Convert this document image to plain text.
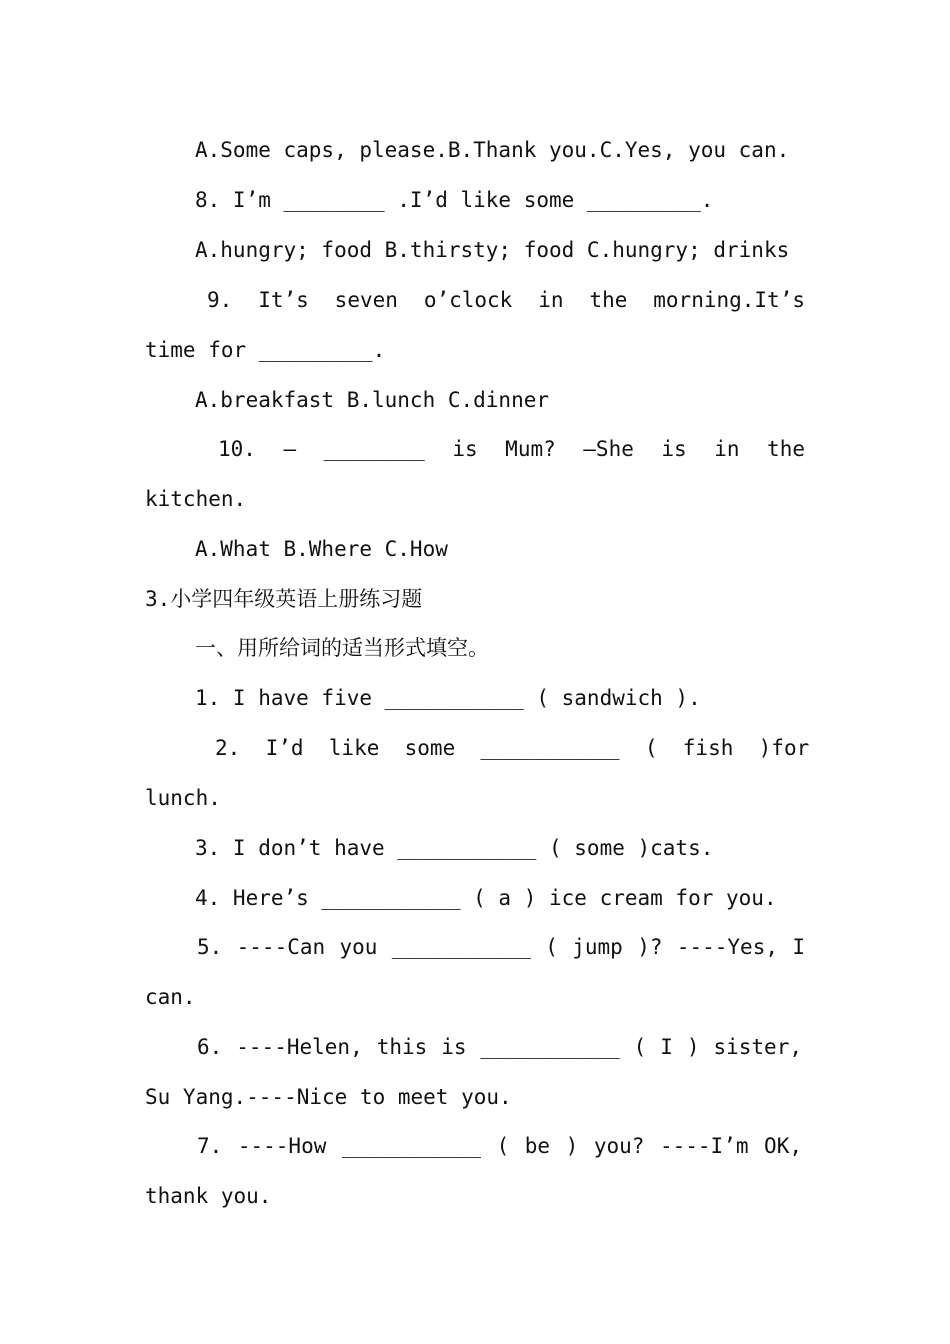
A.Some caps, please.B.Thank you.C.Yes, you can.
8. I’m ________ .I’d like some _________.
A.hungry; food B.thirsty; food C.hungry; drinks
9.  It’s  seven  o’clock  in  the  morning.It’s
time for _________.
A.breakfast B.lunch C.dinner
10.  —  ________  is  Mum?  —She  is  in  the
kitchen.
A.What B.Where C.How
3.小学四年级英语上册练习题
一、用所给词的适当形式填空。
1. I have five ___________ ( sandwich ).
2.  I’d  like  some  ___________  (  fish  )for
lunch.
3. I don’t have ___________ ( some )cats.
4. Here’s ___________ ( a ) ice cream for you.
5. ----Can you ___________ ( jump )? ----Yes, I
can.
6. ----Helen, this is ___________ ( I ) sister,
Su Yang.----Nice to meet you.
7. ----How ___________ ( be ) you? ----I’m OK,
thank you.
